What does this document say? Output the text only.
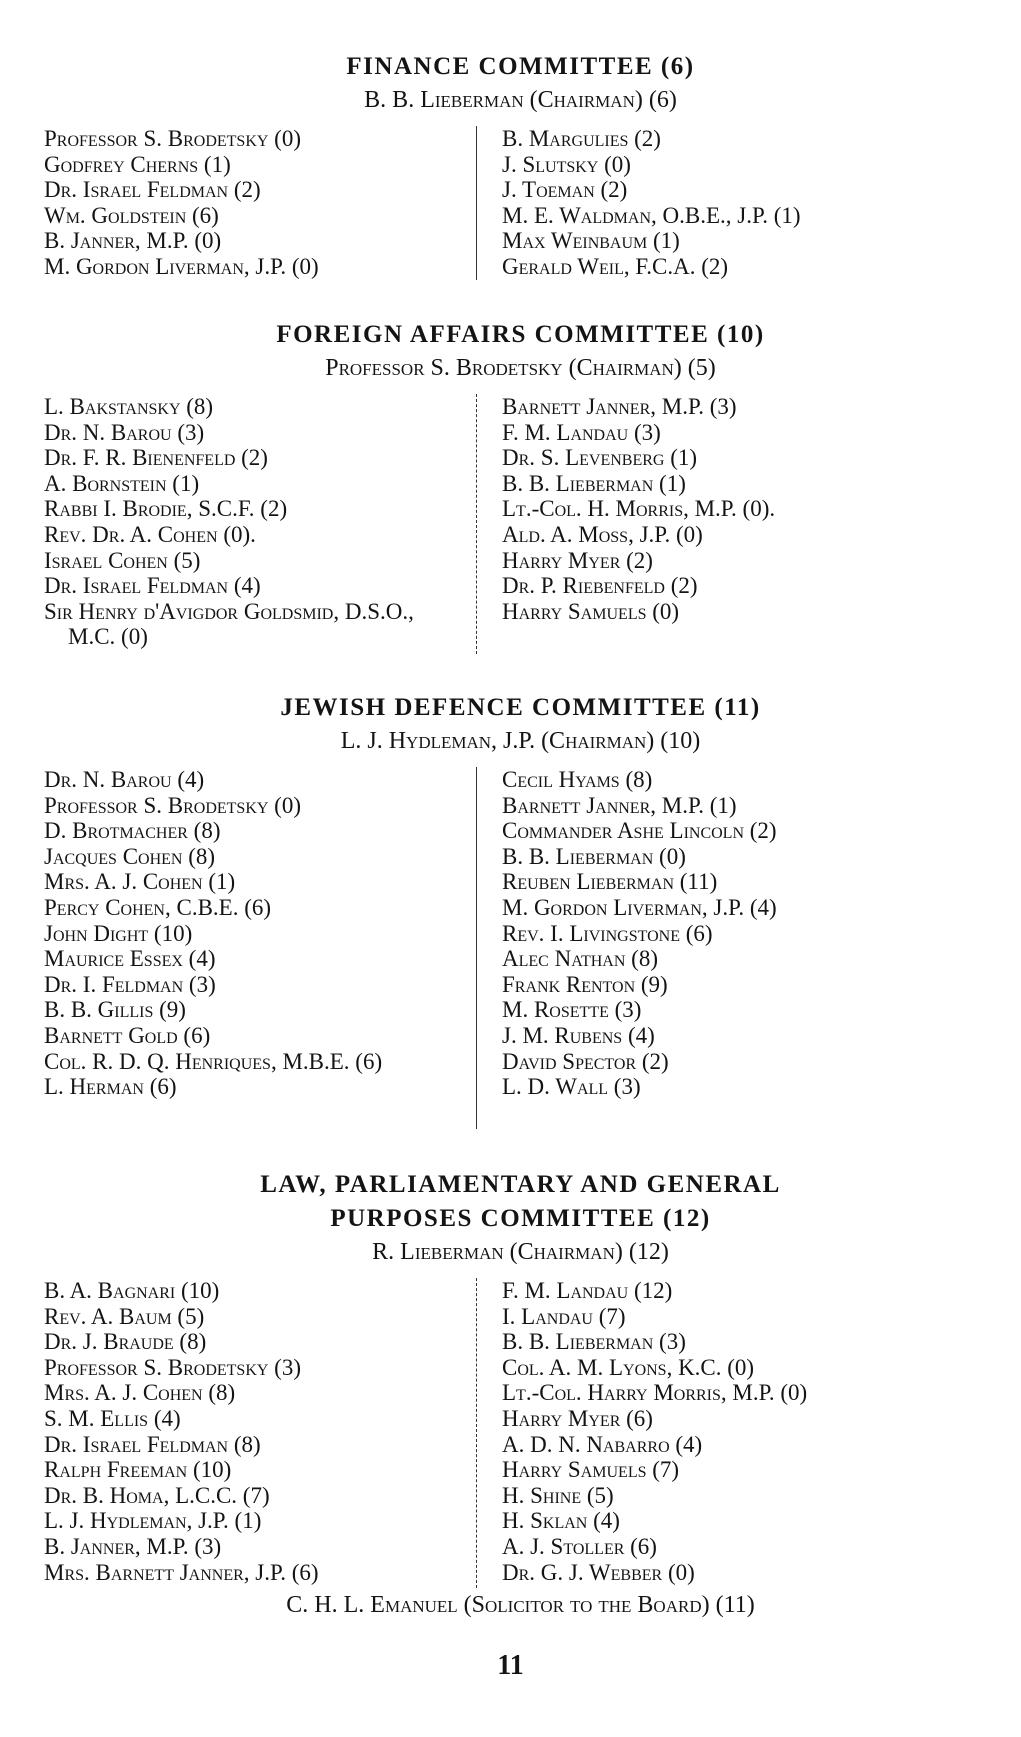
FINANCE COMMITTEE (6)

B. B. Lieberman (Chairman) (6)

Professor S. Brodetsky (0)
Godfrey Cherns (1)
Dr. Israel Feldman (2)
Wm. Goldstein (6)
B. Janner, M.P. (0)
M. Gordon Liverman, J.P. (0)
B. Margulies (2)
J. Slutsky (0)
J. Toeman (2)
M. E. Waldman, O.B.E., J.P. (1)
Max Weinbaum (1)
Gerald Weil, F.C.A. (2)

FOREIGN AFFAIRS COMMITTEE (10)

Professor S. Brodetsky (Chairman) (5)

L. Bakstansky (8)
Dr. N. Barou (3)
Dr. F. R. Bienenfeld (2)
A. Bornstein (1)
Rabbi I. Brodie, S.C.F. (2)
Rev. Dr. A. Cohen (0).
Israel Cohen (5)
Dr. Israel Feldman (4)
Sir Henry d'Avigdor Goldsmid, D.S.O., M.C. (0)
Barnett Janner, M.P. (3)
F. M. Landau (3)
Dr. S. Levenberg (1)
B. B. Lieberman (1)
Lt.-Col. H. Morris, M.P. (0).
Ald. A. Moss, J.P. (0)
Harry Myer (2)
Dr. P. Riebenfeld (2)
Harry Samuels (0)

JEWISH DEFENCE COMMITTEE (11)

L. J. Hydleman, J.P. (Chairman) (10)

Dr. N. Barou (4)
Professor S. Brodetsky (0)
D. Brotmacher (8)
Jacques Cohen (8)
Mrs. A. J. Cohen (1)
Percy Cohen, C.B.E. (6)
John Dight (10)
Maurice Essex (4)
Dr. I. Feldman (3)
B. B. Gillis (9)
Barnett Gold (6)
Col. R. D. Q. Henriques, M.B.E. (6)
L. Herman (6)
Cecil Hyams (8)
Barnett Janner, M.P. (1)
Commander Ashe Lincoln (2)
B. B. Lieberman (0)
Reuben Lieberman (11)
M. Gordon Liverman, J.P. (4)
Rev. I. Livingstone (6)
Alec Nathan (8)
Frank Renton (9)
M. Rosette (3)
J. M. Rubens (4)
David Spector (2)
L. D. Wall (3)

LAW, PARLIAMENTARY AND GENERAL

PURPOSES COMMITTEE (12)

R. Lieberman (Chairman) (12)

B. A. Bagnari (10)
Rev. A. Baum (5)
Dr. J. Braude (8)
Professor S. Brodetsky (3)
Mrs. A. J. Cohen (8)
S. M. Ellis (4)
Dr. Israel Feldman (8)
Ralph Freeman (10)
Dr. B. Homa, L.C.C. (7)
L. J. Hydleman, J.P. (1)
B. Janner, M.P. (3)
Mrs. Barnett Janner, J.P. (6)
F. M. Landau (12)
I. Landau (7)
B. B. Lieberman (3)
Col. A. M. Lyons, K.C. (0)
Lt.-Col. Harry Morris, M.P. (0)
Harry Myer (6)
A. D. N. Nabarro (4)
Harry Samuels (7)
H. Shine (5)
H. Sklan (4)
A. J. Stoller (6)
Dr. G. J. Webber (0)
C. H. L. Emanuel (Solicitor to the Board) (11)
11
